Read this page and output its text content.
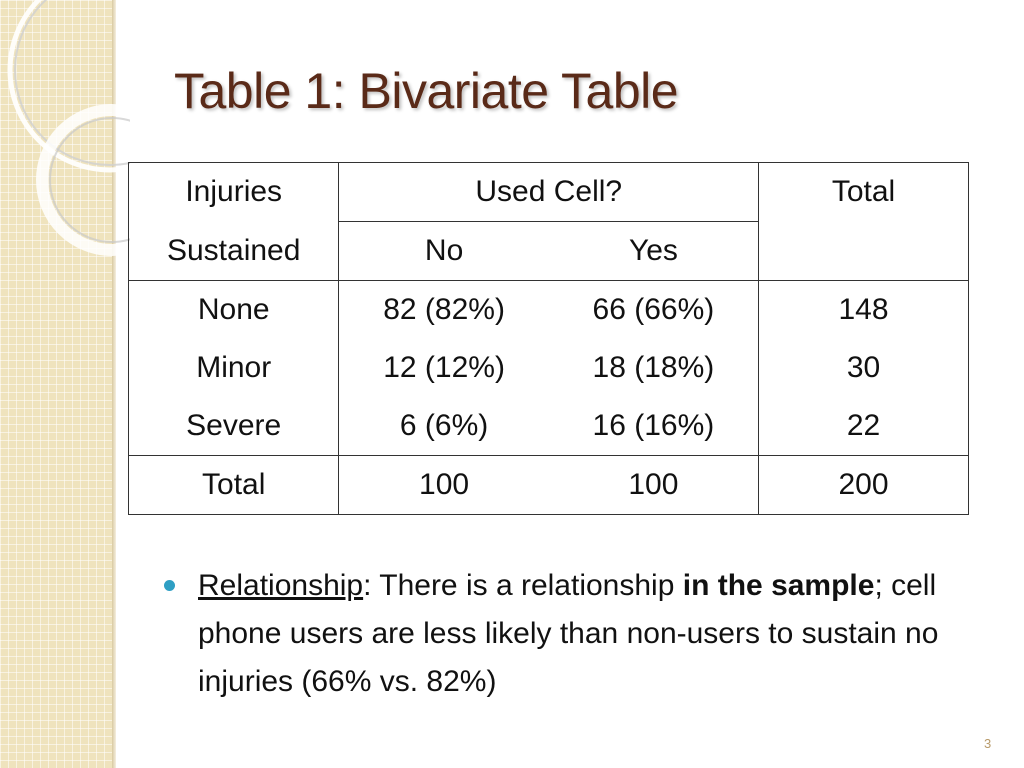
Table 1: Bivariate Table
Injuries	Used Cell?		Total
Sustained	No	Yes	
None	82 (82%)	66 (66%)	148
Minor	12 (12%)	18 (18%)	30
Severe	6 (6%)	16 (16%)	22
Total	100	100	200
Relationship: There is a relationship in the sample; cell phone users are less likely than non-users to sustain no injuries (66% vs. 82%)
3
